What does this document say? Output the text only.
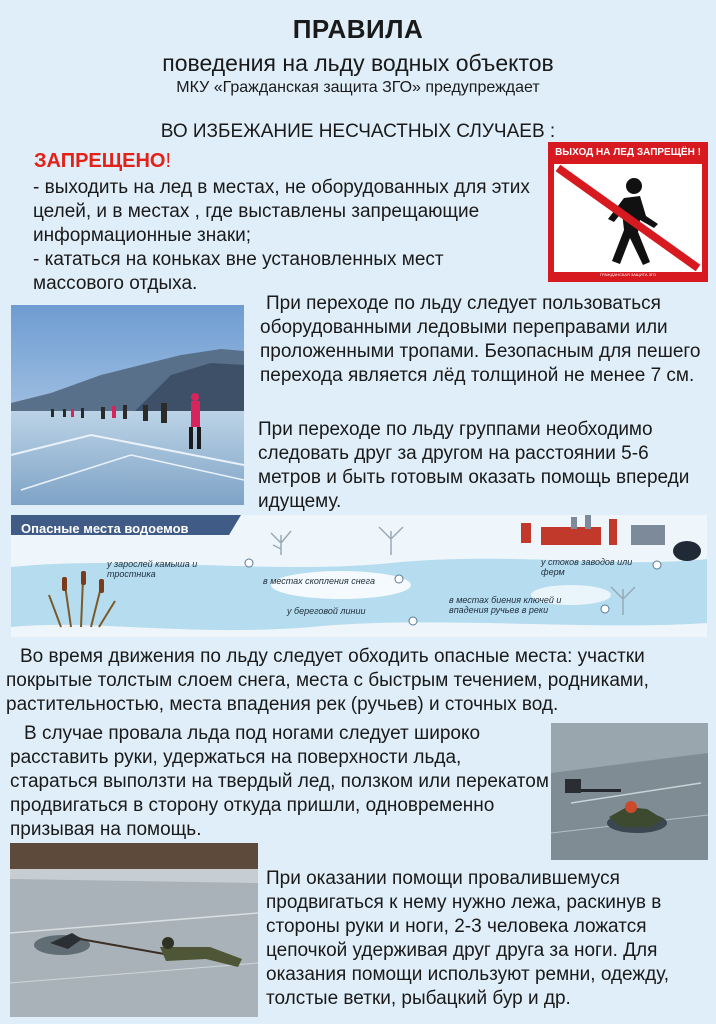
ПРАВИЛА
поведения на льду водных объектов
МКУ «Гражданская защита ЗГО» предупреждает
ВО ИЗБЕЖАНИЕ НЕСЧАСТНЫХ СЛУЧАЕВ :
ЗАПРЕЩЕНО!

- выходить на лед в местах, не оборудованных для этих целей, и в местах , где выставлены запрещающие информационные знаки;

- кататься на коньках вне установленных мест массового отдыха.

ВЫХОД НА ЛЕД ЗАПРЕЩЁН !
ГРАЖДАНСКАЯ ЗАЩИТА ЗГО
При переходе по льду следует пользоваться оборудованными ледовыми переправами или проложенными тропами. Безопасным для пешего перехода является лёд толщиной не менее 7 см.
При переходе по льду группами необходимо следовать друг за другом на расстоянии 5-6 метров и быть готовым оказать помощь впереди идущему.
Опасные места водоемов
у зарослей камыша и тростника
в местах скопления снега
у береговой линии
у стоков заводов или ферм
в местах биения ключей и впадения ручьев в реки
Во время движения по льду следует обходить опасные места: участки покрытые толстым слоем снега, места с быстрым течением, родниками, растительностью, места впадения рек (ручьев) и сточных вод.
В случае провала льда под ногами следует широко расставить руки, удержаться на поверхности льда, стараться выползти на твердый лед, ползком или перекатом продвигаться в сторону откуда пришли, одновременно призывая на помощь.
При оказании помощи провалившемуся продвигаться к нему нужно лежа, раскинув в стороны руки и ноги, 2-3 человека ложатся цепочкой удерживая друг друга за ноги. Для оказания помощи используют ремни, одежду, толстые ветки, рыбацкий бур и др.
